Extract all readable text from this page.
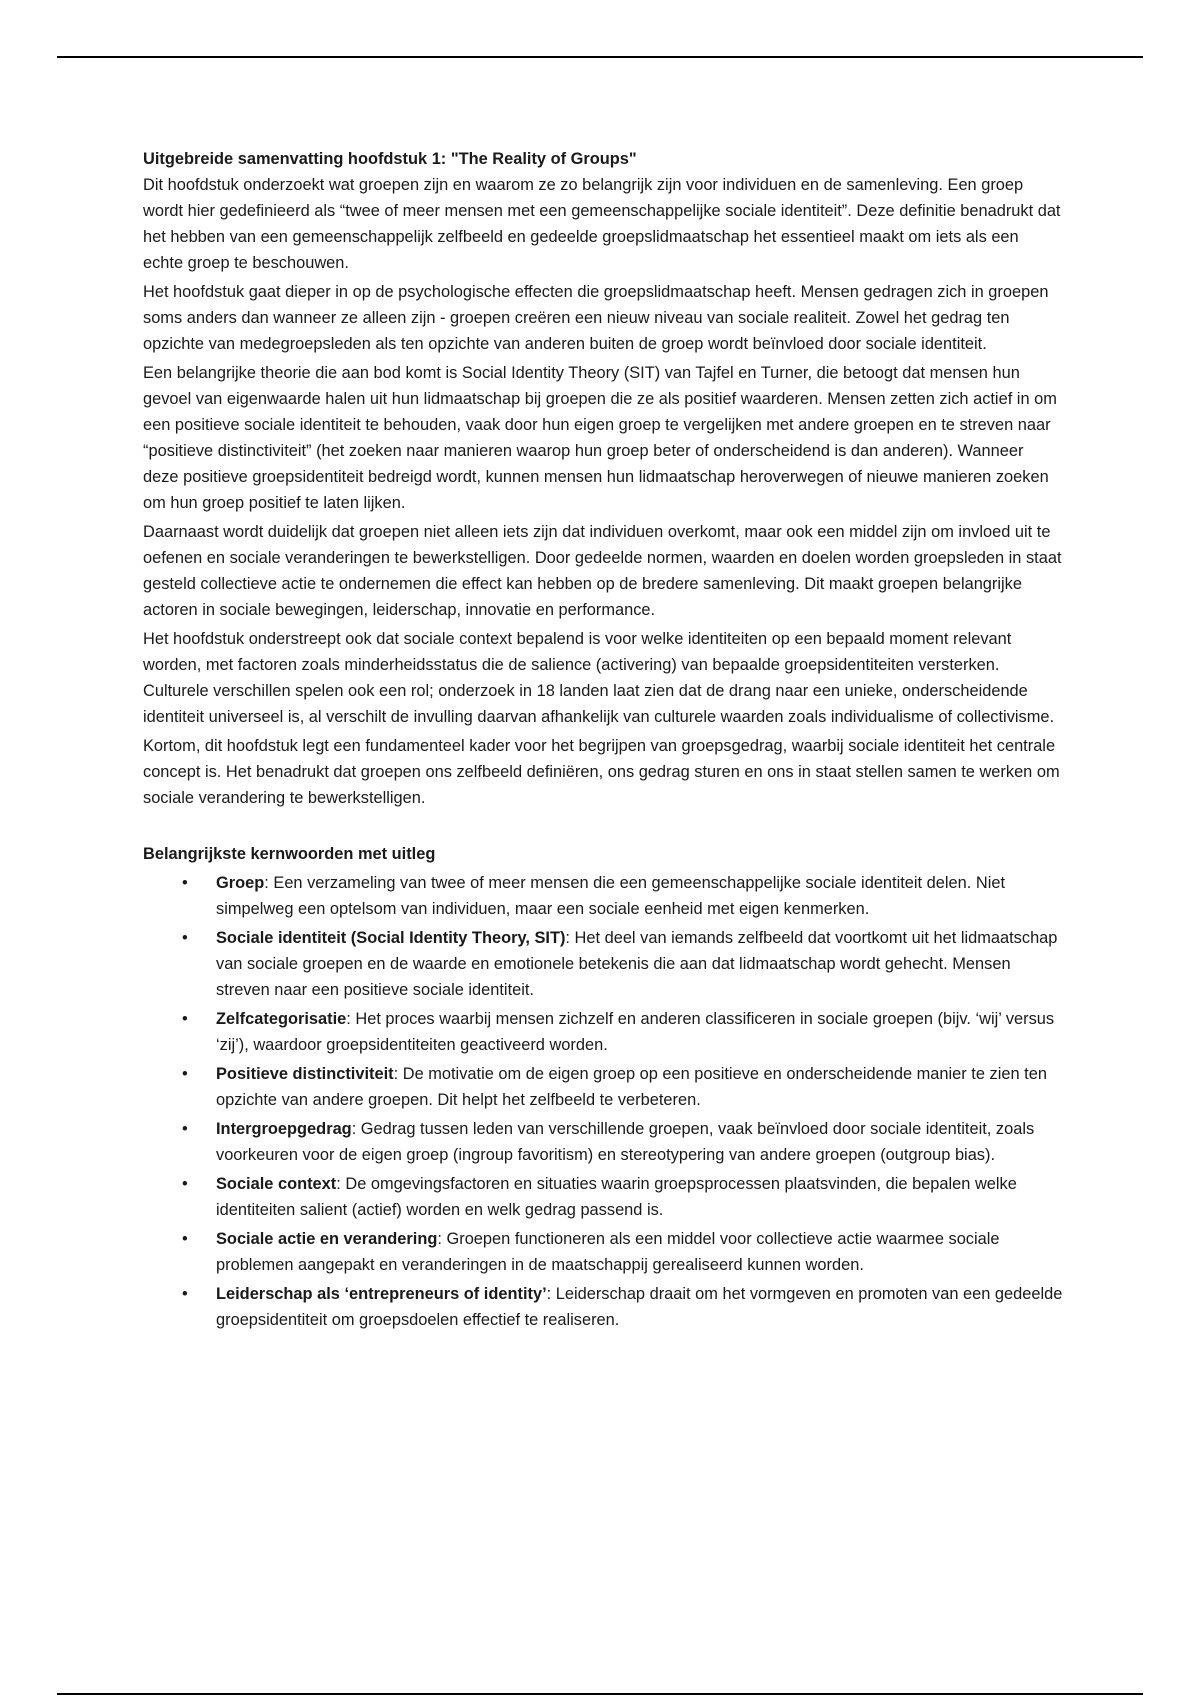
Uitgebreide samenvatting hoofdstuk 1: "The Reality of Groups"

Dit hoofdstuk onderzoekt wat groepen zijn en waarom ze zo belangrijk zijn voor individuen en de samenleving. Een groep wordt hier gedefinieerd als “twee of meer mensen met een gemeenschappelijke sociale identiteit”. Deze definitie benadrukt dat het hebben van een gemeenschappelijk zelfbeeld en gedeelde groepslidmaatschap het essentieel maakt om iets als een echte groep te beschouwen.

Het hoofdstuk gaat dieper in op de psychologische effecten die groepslidmaatschap heeft. Mensen gedragen zich in groepen soms anders dan wanneer ze alleen zijn - groepen creëren een nieuw niveau van sociale realiteit. Zowel het gedrag ten opzichte van medegroepsleden als ten opzichte van anderen buiten de groep wordt beïnvloed door sociale identiteit.

Een belangrijke theorie die aan bod komt is Social Identity Theory (SIT) van Tajfel en Turner, die betoogt dat mensen hun gevoel van eigenwaarde halen uit hun lidmaatschap bij groepen die ze als positief waarderen. Mensen zetten zich actief in om een positieve sociale identiteit te behouden, vaak door hun eigen groep te vergelijken met andere groepen en te streven naar “positieve distinctiviteit” (het zoeken naar manieren waarop hun groep beter of onderscheidend is dan anderen). Wanneer deze positieve groepsidentiteit bedreigd wordt, kunnen mensen hun lidmaatschap heroverwegen of nieuwe manieren zoeken om hun groep positief te laten lijken.

Daarnaast wordt duidelijk dat groepen niet alleen iets zijn dat individuen overkomt, maar ook een middel zijn om invloed uit te oefenen en sociale veranderingen te bewerkstelligen. Door gedeelde normen, waarden en doelen worden groepsleden in staat gesteld collectieve actie te ondernemen die effect kan hebben op de bredere samenleving. Dit maakt groepen belangrijke actoren in sociale bewegingen, leiderschap, innovatie en performance.

Het hoofdstuk onderstreept ook dat sociale context bepalend is voor welke identiteiten op een bepaald moment relevant worden, met factoren zoals minderheidsstatus die de salience (activering) van bepaalde groepsidentiteiten versterken. Culturele verschillen spelen ook een rol; onderzoek in 18 landen laat zien dat de drang naar een unieke, onderscheidende identiteit universeel is, al verschilt de invulling daarvan afhankelijk van culturele waarden zoals individualisme of collectivisme.

Kortom, dit hoofdstuk legt een fundamenteel kader voor het begrijpen van groepsgedrag, waarbij sociale identiteit het centrale concept is. Het benadrukt dat groepen ons zelfbeeld definiëren, ons gedrag sturen en ons in staat stellen samen te werken om sociale verandering te bewerkstelligen.

Belangrijkste kernwoorden met uitleg

• Groep: Een verzameling van twee of meer mensen die een gemeenschappelijke sociale identiteit delen. Niet simpelweg een optelsom van individuen, maar een sociale eenheid met eigen kenmerken.
• Sociale identiteit (Social Identity Theory, SIT): Het deel van iemands zelfbeeld dat voortkomt uit het lidmaatschap van sociale groepen en de waarde en emotionele betekenis die aan dat lidmaatschap wordt gehecht. Mensen streven naar een positieve sociale identiteit.
• Zelfcategorisatie: Het proces waarbij mensen zichzelf en anderen classificeren in sociale groepen (bijv. ‘wij’ versus ‘zij’), waardoor groepsidentiteiten geactiveerd worden.
• Positieve distinctiviteit: De motivatie om de eigen groep op een positieve en onderscheidende manier te zien ten opzichte van andere groepen. Dit helpt het zelfbeeld te verbeteren.
• Intergroepgedrag: Gedrag tussen leden van verschillende groepen, vaak beïnvloed door sociale identiteit, zoals voorkeuren voor de eigen groep (ingroup favoritism) en stereotypering van andere groepen (outgroup bias).
• Sociale context: De omgevingsfactoren en situaties waarin groepsprocessen plaatsvinden, die bepalen welke identiteiten salient (actief) worden en welk gedrag passend is.
• Sociale actie en verandering: Groepen functioneren als een middel voor collectieve actie waarmee sociale problemen aangepakt en veranderingen in de maatschappij gerealiseerd kunnen worden.
• Leiderschap als ‘entrepreneurs of identity’: Leiderschap draait om het vormgeven en promoten van een gedeelde groepsidentiteit om groepsdoelen effectief te realiseren.
